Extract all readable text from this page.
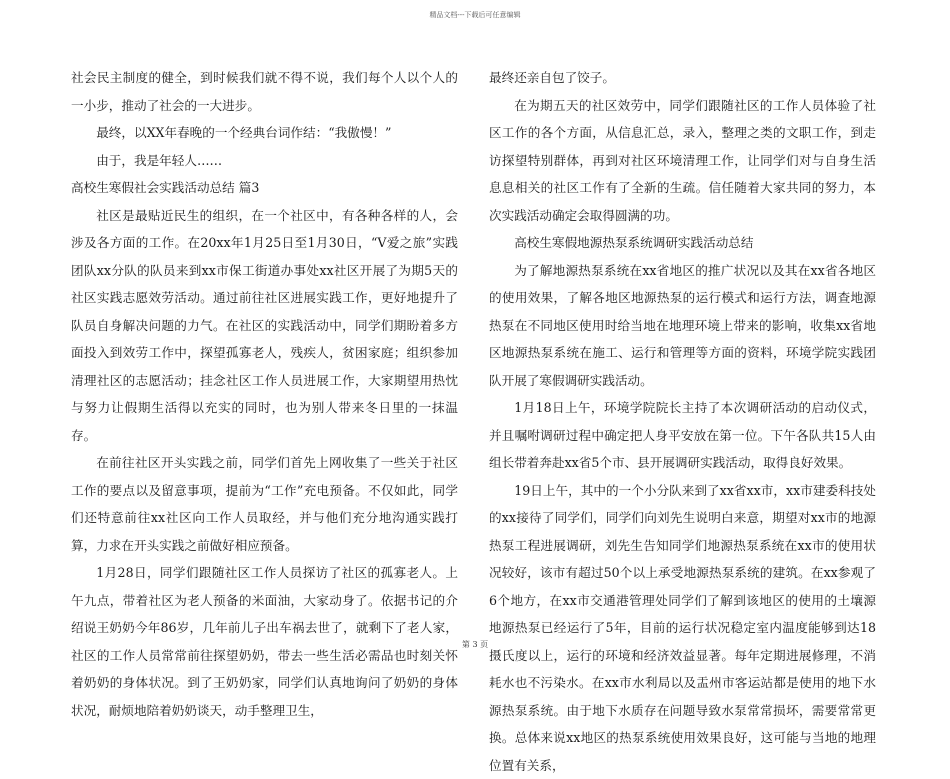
精品文档---下载后可任意编辑

社会民主制度的健全，到时候我们就不得不说，我们每个人以个人的一小步，推动了社会的一大进步。

最终，以XX年春晚的一个经典台词作结：“我傲慢！”

由于，我是年轻人……

高校生寒假社会实践活动总结 篇3

社区是最贴近民生的组织，在一个社区中，有各种各样的人，会涉及各方面的工作。在20xx年1月25日至1月30日，“V爱之旅”实践团队xx分队的队员来到xx市保工街道办事处xx社区开展了为期5天的社区实践志愿效劳活动。通过前往社区进展实践工作，更好地提升了队员自身解决问题的力气。在社区的实践活动中，同学们期盼着多方面投入到效劳工作中，探望孤寡老人，残疾人，贫困家庭；组织参加清理社区的志愿活动；挂念社区工作人员进展工作，大家期望用热忱与努力让假期生活得以充实的同时，也为别人带来冬日里的一抹温存。

在前往社区开头实践之前，同学们首先上网收集了一些关于社区工作的要点以及留意事项，提前为“工作”充电预备。不仅如此，同学们还特意前往xx社区向工作人员取经，并与他们充分地沟通实践打算，力求在开头实践之前做好相应预备。

1月28日，同学们跟随社区工作人员探访了社区的孤寡老人。上午九点，带着社区为老人预备的米面油，大家动身了。依据书记的介绍说王奶奶今年86岁，几年前儿子出车祸去世了，就剩下了老人家，社区的工作人员常常前往探望奶奶，带去一些生活必需品也时刻关怀着奶奶的身体状况。到了王奶奶家，同学们认真地询问了奶奶的身体状况，耐烦地陪着奶奶谈天，动手整理卫生，

最终还亲自包了饺子。

在为期五天的社区效劳中，同学们跟随社区的工作人员体验了社区工作的各个方面，从信息汇总，录入，整理之类的文职工作，到走访探望特别群体，再到对社区环境清理工作，让同学们对与自身生活息息相关的社区工作有了全新的生疏。信任随着大家共同的努力，本次实践活动确定会取得圆满的功。

高校生寒假地源热泵系统调研实践活动总结

为了解地源热泵系统在xx省地区的推广状况以及其在xx省各地区的使用效果，了解各地区地源热泵的运行模式和运行方法，调查地源热泵在不同地区使用时给当地在地理环境上带来的影响，收集xx省地区地源热泵系统在施工、运行和管理等方面的资料，环境学院实践团队开展了寒假调研实践活动。

1月18日上午，环境学院院长主持了本次调研活动的启动仪式，并且嘱咐调研过程中确定把人身平安放在第一位。下午各队共15人由组长带着奔赴xx省5个市、县开展调研实践活动，取得良好效果。

19日上午，其中的一个小分队来到了xx省xx市，xx市建委科技处的xx接待了同学们，同学们向刘先生说明白来意，期望对xx市的地源热泵工程进展调研，刘先生告知同学们地源热泵系统在xx市的使用状况较好，该市有超过50个以上承受地源热泵系统的建筑。在xx参观了6个地方，在xx市交通港管理处同学们了解到该地区的使用的土壤源地源热泵已经运行了5年，目前的运行状况稳定室内温度能够到达18摄氏度以上，运行的环境和经济效益显著。每年定期进展修理，不消耗水也不污染水。在xx市水利局以及盂州市客运站都是使用的地下水源热泵系统。由于地下水质存在问题导致水泵常常损坏，需要常常更换。总体来说xx地区的热泵系统使用效果良好，这可能与当地的地理位置有关系，

第 3 页
